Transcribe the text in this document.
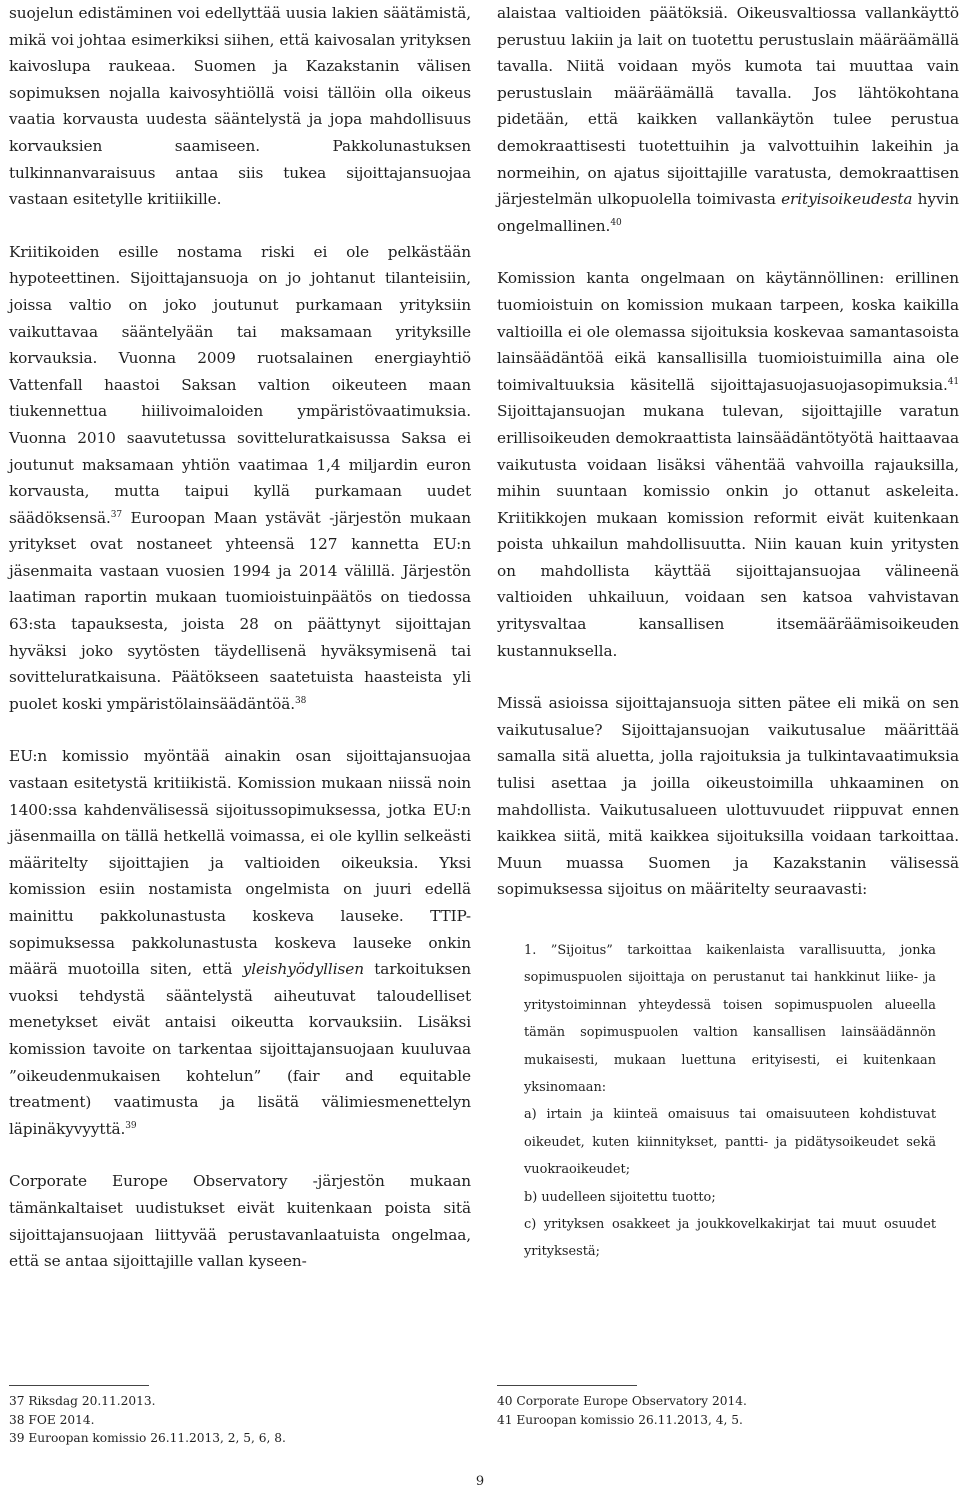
suojelun edistäminen voi edellyttää uusia lakien säätämistä, mikä voi johtaa esimerkiksi siihen, että kaivosalan yrityksen kaivoslupa raukeaa. Suomen ja Kazakstanin välisen sopimuksen nojalla kaivosyhtiöllä voisi tällöin olla oikeus vaatia korvausta uudesta sääntelystä ja jopa mahdollisuus korvauksien saamiseen. Pakkolunastuksen tulkinnanvaraisuus antaa siis tukea sijoittajansuojaa vastaan esitetylle kritiikille.

Kriitikoiden esille nostama riski ei ole pelkästään hypoteettinen. Sijoittajansuoja on jo johtanut tilanteisiin, joissa valtio on joko joutunut purkamaan yrityksiin vaikuttavaa sääntelyään tai maksamaan yrityksille korvauksia. Vuonna 2009 ruotsalainen energiayhtiö Vattenfall haastoi Saksan valtion oikeuteen maan tiukennettua hiilivoimaloiden ympäristövaatimuksia. Vuonna 2010 saavutetussa sovitteluratkaisussa Saksa ei joutunut maksamaan yhtiön vaatimaa 1,4 miljardin euron korvausta, mutta taipui kyllä purkamaan uudet säädöksensä.$^{37}$ Euroopan Maan ystävät -järjestön mukaan yritykset ovat nostaneet yhteensä 127 kannetta EU:n jäsenmaita vastaan vuosien 1994 ja 2014 välillä. Järjestön laatiman raportin mukaan tuomioistuinpäätös on tiedossa 63:sta tapauksesta, joista 28 on päättynyt sijoittajan hyväksi joko syytösten täydellisenä hyväksymisenä tai sovitteluratkaisuna. Päätökseen saatetuista haasteista yli puolet koski ympäristölainsäädäntöä.$^{38}$

EU:n komissio myöntää ainakin osan sijoittajansuojaa vastaan esitetystä kritiikistä. Komission mukaan niissä noin 1400:ssa kahdenvälisessä sijoitussopimuksessa, jotka EU:n jäsenmailla on tällä hetkellä voimassa, ei ole kyllin selkeästi määritelty sijoittajien ja valtioiden oikeuksia. Yksi komission esiin nostamista ongelmista on juuri edellä mainittu pakkolunastusta koskeva lauseke. TTIP-sopimuksessa pakkolunastusta koskeva lauseke onkin määrä muotoilla siten, että yleishyödyllisen tarkoituksen vuoksi tehdystä sääntelystä aiheutuvat taloudelliset menetykset eivät antaisi oikeutta korvauksiin. Lisäksi komission tavoite on tarkentaa sijoittajansuojaan kuuluvaa ”oikeudenmukaisen kohtelun” (fair and equitable treatment) vaatimusta ja lisätä välimiesmenettelyn läpinäkyvyyttä.$^{39}$

Corporate Europe Observatory -järjestön mukaan tämänkaltaiset uudistukset eivät kuitenkaan poista sitä sijoittajansuojaan liittyvää perustavanlaatuista ongelmaa, että se antaa sijoittajille vallan kyseen-

alaistaa valtioiden päätöksiä. Oikeusvaltiossa vallankäyttö perustuu lakiin ja lait on tuotettu perustuslain määräämällä tavalla. Niitä voidaan myös kumota tai muuttaa vain perustuslain määräämällä tavalla. Jos lähtökohtana pidetään, että kaikken vallankäytön tulee perustua demokraattisesti tuotettuihin ja valvottuihin lakeihin ja normeihin, on ajatus sijoittajille varatusta, demokraattisen järjestelmän ulkopuolella toimivasta erityisoikeudesta hyvin ongelmallinen.$^{40}$

Komission kanta ongelmaan on käytännöllinen: erillinen tuomioistuin on komission mukaan tarpeen, koska kaikilla valtioilla ei ole olemassa sijoituksia koskevaa samantasoista lainsäädäntöä eikä kansallisilla tuomioistuimilla aina ole toimivaltuuksia käsitellä sijoittajasuojasuojasopimuksia.$^{41}$ Sijoittajansuojan mukana tulevan, sijoittajille varatun erillisoikeuden demokraattista lainsäädäntötyötä haittaavaa vaikutusta voidaan lisäksi vähentää vahvoilla rajauksilla, mihin suuntaan komissio onkin jo ottanut askeleita. Kriitikkojen mukaan komission reformit eivät kuitenkaan poista uhkailun mahdollisuutta. Niin kauan kuin yritysten on mahdollista käyttää sijoittajansuojaa välineenä valtioiden uhkailuun, voidaan sen katsoa vahvistavan yritysvaltaa kansallisen itsemääräämisoikeuden kustannuksella.

Missä asioissa sijoittajansuoja sitten pätee eli mikä on sen vaikutusalue? Sijoittajansuojan vaikutusalue määrittää samalla sitä aluetta, jolla rajoituksia ja tulkintavaatimuksia tulisi asettaa ja joilla oikeustoimilla uhkaaminen on mahdollista. Vaikutusalueen ulottuvuudet riippuvat ennen kaikkea siitä, mitä kaikkea sijoituksilla voidaan tarkoittaa. Muun muassa Suomen ja Kazakstanin välisessä sopimuksessa sijoitus on määritelty seuraavasti:

1. ”Sijoitus” tarkoittaa kaikenlaista varallisuutta, jonka sopimuspuolen sijoittaja on perustanut tai hankkinut liike- ja yritystoiminnan yhteydessä toisen sopimuspuolen alueella tämän sopimuspuolen valtion kansallisen lainsäädännön mukaisesti, mukaan luettuna erityisesti, ei kuitenkaan yksinomaan:

a) irtain ja kiinteä omaisuus tai omaisuuteen kohdistuvat oikeudet, kuten kiinnitykset, pantti- ja pidätysoikeudet sekä vuokraoikeudet;

b) uudelleen sijoitettu tuotto;

c) yrityksen osakkeet ja joukkovelkakirjat tai muut osuudet yrityksestä;

37 Riksdag 20.11.2013.
38 FOE 2014.
39 Euroopan komissio 26.11.2013, 2, 5, 6, 8.
40 Corporate Europe Observatory 2014.
41 Euroopan komissio 26.11.2013, 4, 5.
9
